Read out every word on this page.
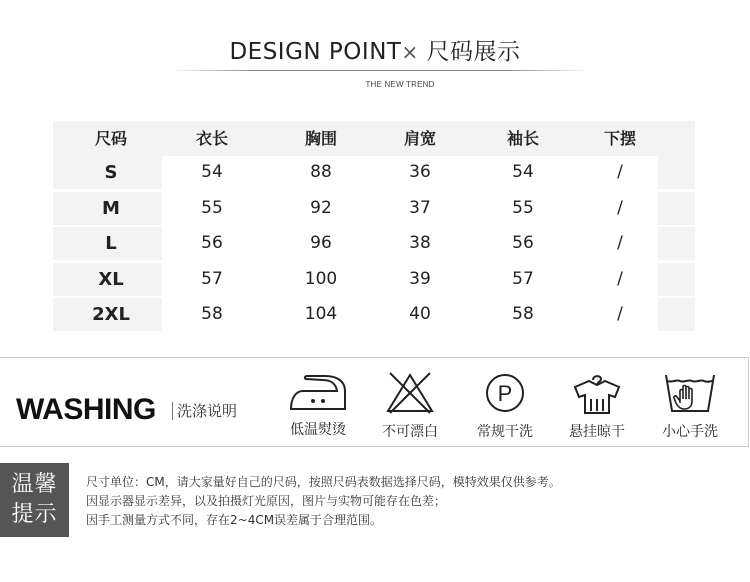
DESIGN POINT× 尺码展示
THE NEW TREND
尺码	衣长	胸围	肩宽	袖长	下摆
S	54	88	36	54	/
M	55	92	37	55	/
L	56	96	38	56	/
XL	57	100	39	57	/
2XL	58	104	40	58	/
WASHING	洗涤说明
低温熨烫	不可漂白
P
常规干洗	悬挂晾干	小心手洗
温馨
提示
尺寸单位：CM，请大家量好自己的尺码，按照尺码表数据选择尺码，模特效果仅供参考。
因显示器显示差异，以及拍摄灯光原因，图片与实物可能存在色差；
因手工测量方式不同，存在2~4CM误差属于合理范围。
